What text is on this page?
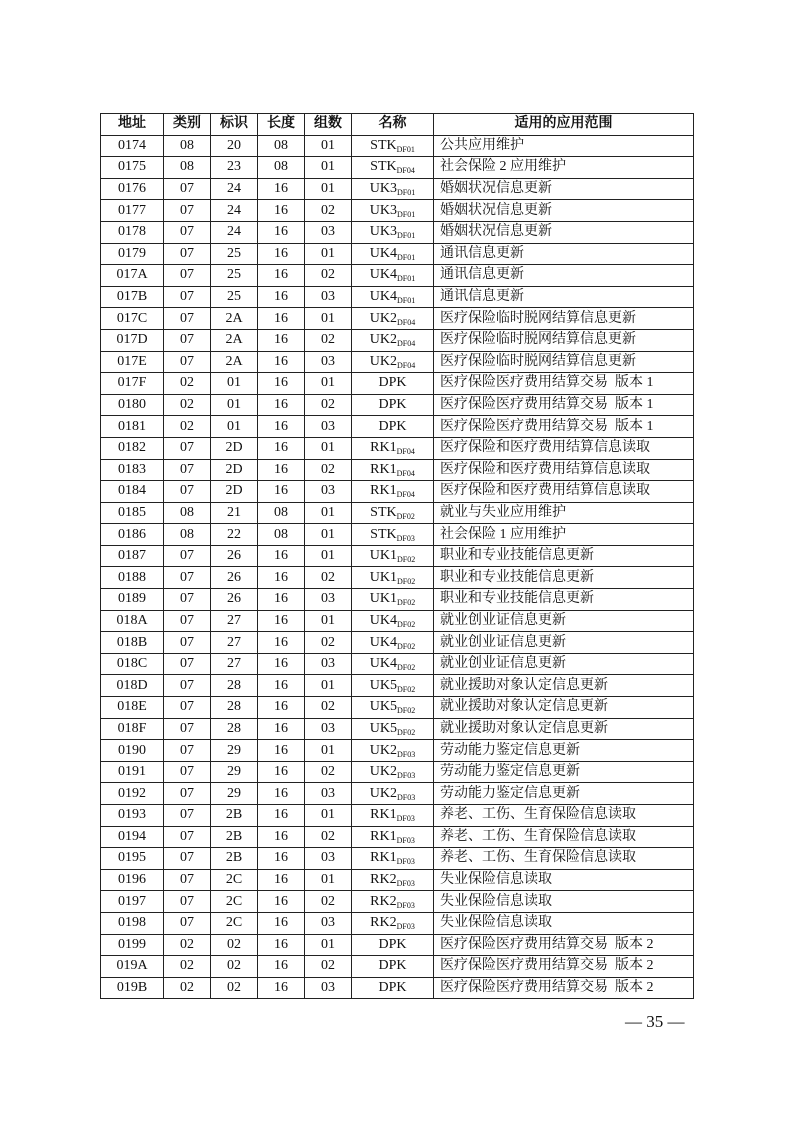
地址	类别	标识	长度	组数	名称	适用的应用范围
0174	08	20	08	01	$STK_{DF01}$	公共应用维护
0175	08	23	08	01	$STK_{DF04}$	社会保险 2 应用维护
0176	07	24	16	01	$UK3_{DF01}$	婚姻状况信息更新
0177	07	24	16	02	$UK3_{DF01}$	婚姻状况信息更新
0178	07	24	16	03	$UK3_{DF01}$	婚姻状况信息更新
0179	07	25	16	01	$UK4_{DF01}$	通讯信息更新
017A	07	25	16	02	$UK4_{DF01}$	通讯信息更新
017B	07	25	16	03	$UK4_{DF01}$	通讯信息更新
017C	07	2A	16	01	$UK2_{DF04}$	医疗保险临时脱网结算信息更新
017D	07	2A	16	02	$UK2_{DF04}$	医疗保险临时脱网结算信息更新
017E	07	2A	16	03	$UK2_{DF04}$	医疗保险临时脱网结算信息更新
017F	02	01	16	01	DPK	医疗保险医疗费用结算交易  版本 1
0180	02	01	16	02	DPK	医疗保险医疗费用结算交易  版本 1
0181	02	01	16	03	DPK	医疗保险医疗费用结算交易  版本 1
0182	07	2D	16	01	$RK1_{DF04}$	医疗保险和医疗费用结算信息读取
0183	07	2D	16	02	$RK1_{DF04}$	医疗保险和医疗费用结算信息读取
0184	07	2D	16	03	$RK1_{DF04}$	医疗保险和医疗费用结算信息读取
0185	08	21	08	01	$STK_{DF02}$	就业与失业应用维护
0186	08	22	08	01	$STK_{DF03}$	社会保险 1 应用维护
0187	07	26	16	01	$UK1_{DF02}$	职业和专业技能信息更新
0188	07	26	16	02	$UK1_{DF02}$	职业和专业技能信息更新
0189	07	26	16	03	$UK1_{DF02}$	职业和专业技能信息更新
018A	07	27	16	01	$UK4_{DF02}$	就业创业证信息更新
018B	07	27	16	02	$UK4_{DF02}$	就业创业证信息更新
018C	07	27	16	03	$UK4_{DF02}$	就业创业证信息更新
018D	07	28	16	01	$UK5_{DF02}$	就业援助对象认定信息更新
018E	07	28	16	02	$UK5_{DF02}$	就业援助对象认定信息更新
018F	07	28	16	03	$UK5_{DF02}$	就业援助对象认定信息更新
0190	07	29	16	01	$UK2_{DF03}$	劳动能力鉴定信息更新
0191	07	29	16	02	$UK2_{DF03}$	劳动能力鉴定信息更新
0192	07	29	16	03	$UK2_{DF03}$	劳动能力鉴定信息更新
0193	07	2B	16	01	$RK1_{DF03}$	养老、工伤、生育保险信息读取
0194	07	2B	16	02	$RK1_{DF03}$	养老、工伤、生育保险信息读取
0195	07	2B	16	03	$RK1_{DF03}$	养老、工伤、生育保险信息读取
0196	07	2C	16	01	$RK2_{DF03}$	失业保险信息读取
0197	07	2C	16	02	$RK2_{DF03}$	失业保险信息读取
0198	07	2C	16	03	$RK2_{DF03}$	失业保险信息读取
0199	02	02	16	01	DPK	医疗保险医疗费用结算交易  版本 2
019A	02	02	16	02	DPK	医疗保险医疗费用结算交易  版本 2
019B	02	02	16	03	DPK	医疗保险医疗费用结算交易  版本 2
— 35 —
